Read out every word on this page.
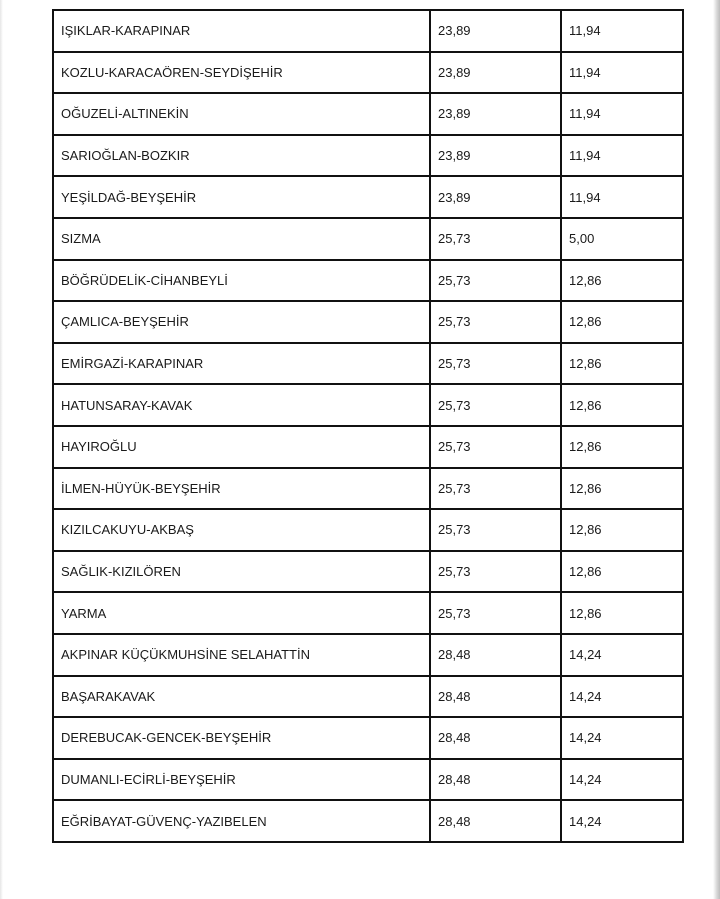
IŞIKLAR-KARAPINAR	23,89	11,94
KOZLU-KARACAÖREN-SEYDİŞEHİR	23,89	11,94
OĞUZELİ-ALTINEKİN	23,89	11,94
SARIOĞLAN-BOZKIR	23,89	11,94
YEŞİLDAĞ-BEYŞEHİR	23,89	11,94
SIZMA	25,73	5,00
BÖĞRÜDELİK-CİHANBEYLİ	25,73	12,86
ÇAMLICA-BEYŞEHİR	25,73	12,86
EMİRGAZİ-KARAPINAR	25,73	12,86
HATUNSARAY-KAVAK	25,73	12,86
HAYIROĞLU	25,73	12,86
İLMEN-HÜYÜK-BEYŞEHİR	25,73	12,86
KIZILCAKUYU-AKBAŞ	25,73	12,86
SAĞLIK-KIZILÖREN	25,73	12,86
YARMA	25,73	12,86
AKPINAR KÜÇÜKMUHSİNE SELAHATTİN	28,48	14,24
BAŞARAKAVAK	28,48	14,24
DEREBUCAK-GENCEK-BEYŞEHİR	28,48	14,24
DUMANLI-ECİRLİ-BEYŞEHİR	28,48	14,24
EĞRİBAYAT-GÜVENÇ-YAZIBELEN	28,48	14,24
